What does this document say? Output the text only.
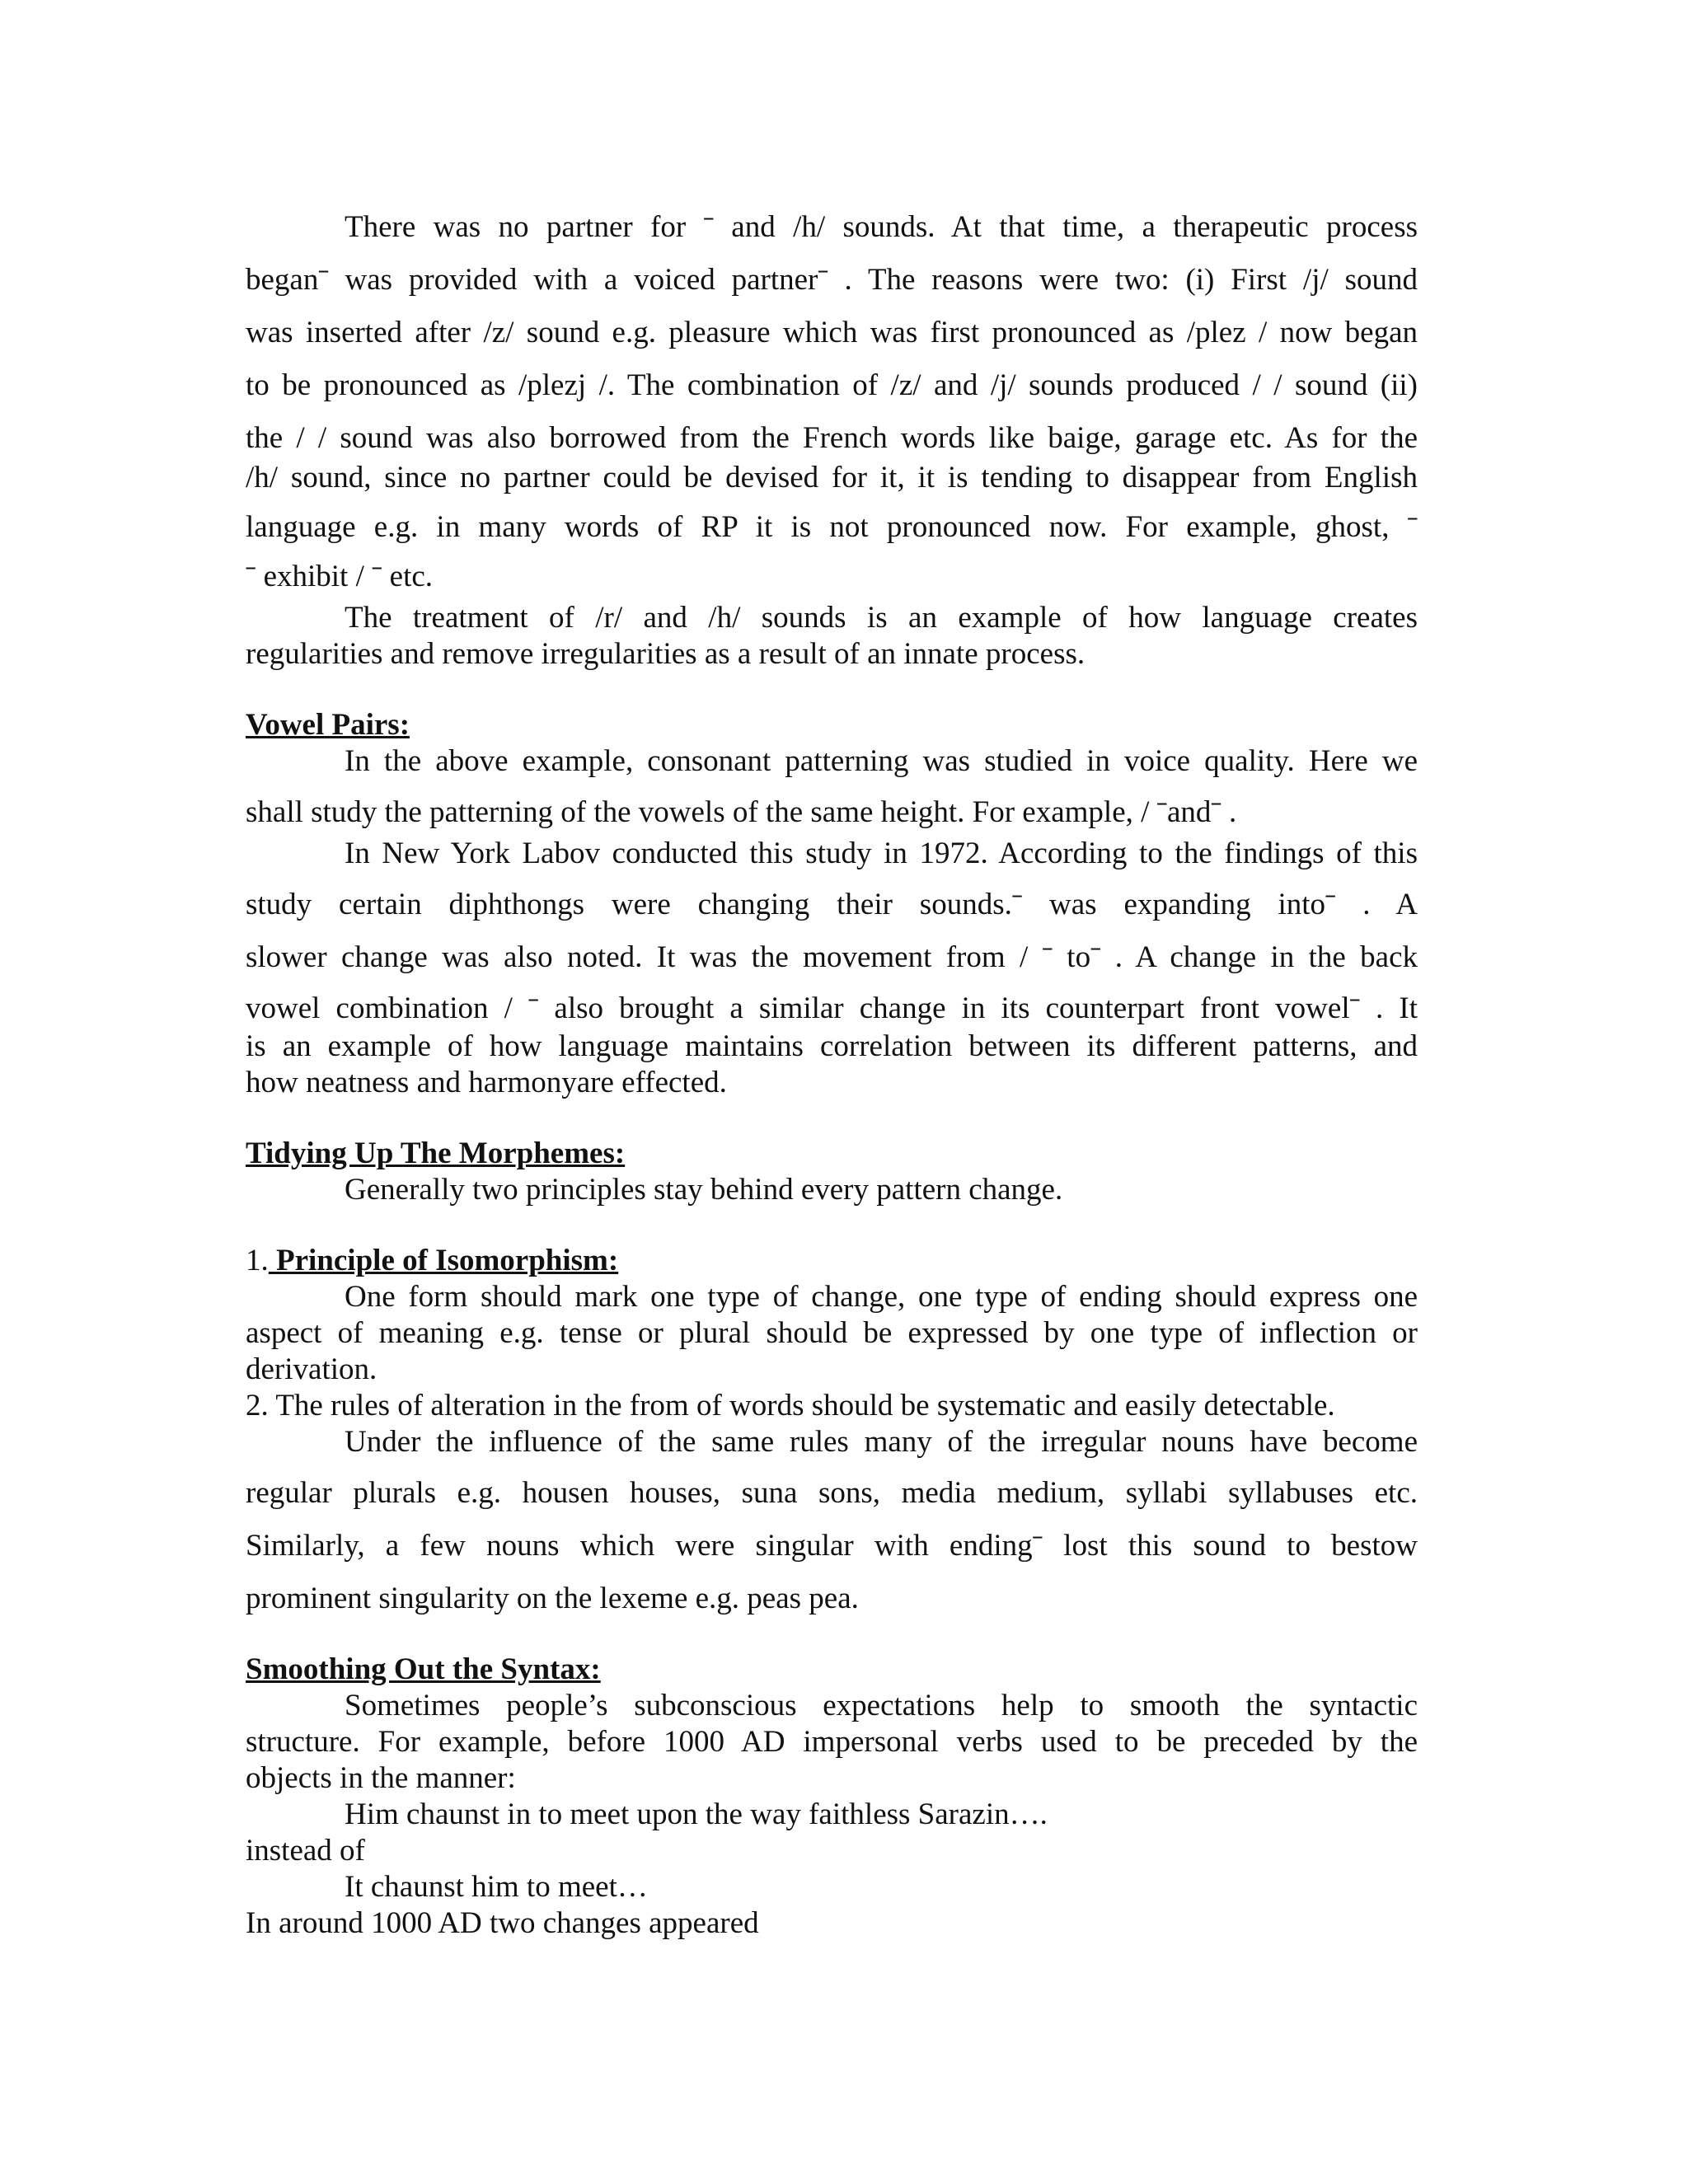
There was no partner for ˉ and /h/ sounds. At that time, a therapeutic process

beganˉ was provided with a voiced partnerˉ . The reasons were two: (i) First /j/ sound

was inserted after /z/ sound e.g. pleasure which was first pronounced as /plez / now began

to be pronounced as /plezj /. The combination of /z/ and /j/ sounds produced / / sound (ii)

the / / sound was also borrowed from the French words like baige, garage etc. As for the

/h/ sound, since no partner could be devised for it, it is tending to disappear from English

language e.g. in many words of RP it is not pronounced now. For example, ghost, ˉ

ˉ exhibit / ˉ etc.

The treatment of /r/ and /h/ sounds is an example of how language creates

regularities and remove irregularities as a result of an innate process.

Vowel Pairs:

In the above example, consonant patterning was studied in voice quality. Here we

shall study the patterning of the vowels of the same height. For example, / ˉandˉ .

In New York Labov conducted this study in 1972. According to the findings of this

study certain diphthongs were changing their sounds.ˉ was expanding intoˉ . A

slower change was also noted. It was the movement from / ˉ toˉ . A change in the back

vowel combination / ˉ also brought a similar change in its counterpart front vowelˉ . It

is an example of how language maintains correlation between its different patterns, and

how neatness and harmonyare effected.

Tidying Up The Morphemes:

Generally two principles stay behind every pattern change.

1. Principle of Isomorphism:

One form should mark one type of change, one type of ending should express one

aspect of meaning e.g. tense or plural should be expressed by one type of inflection or

derivation.

2. The rules of alteration in the from of words should be systematic and easily detectable.

Under the influence of the same rules many of the irregular nouns have become

regular plurals e.g. housen houses, suna sons, media medium, syllabi syllabuses etc.

Similarly, a few nouns which were singular with endingˉ lost this sound to bestow

prominent singularity on the lexeme e.g. peas pea.

Smoothing Out the Syntax:

Sometimes people’s subconscious expectations help to smooth the syntactic

structure. For example, before 1000 AD impersonal verbs used to be preceded by the

objects in the manner:

Him chaunst in to meet upon the way faithless Sarazin….

instead of

It chaunst him to meet…

In around 1000 AD two changes appeared
